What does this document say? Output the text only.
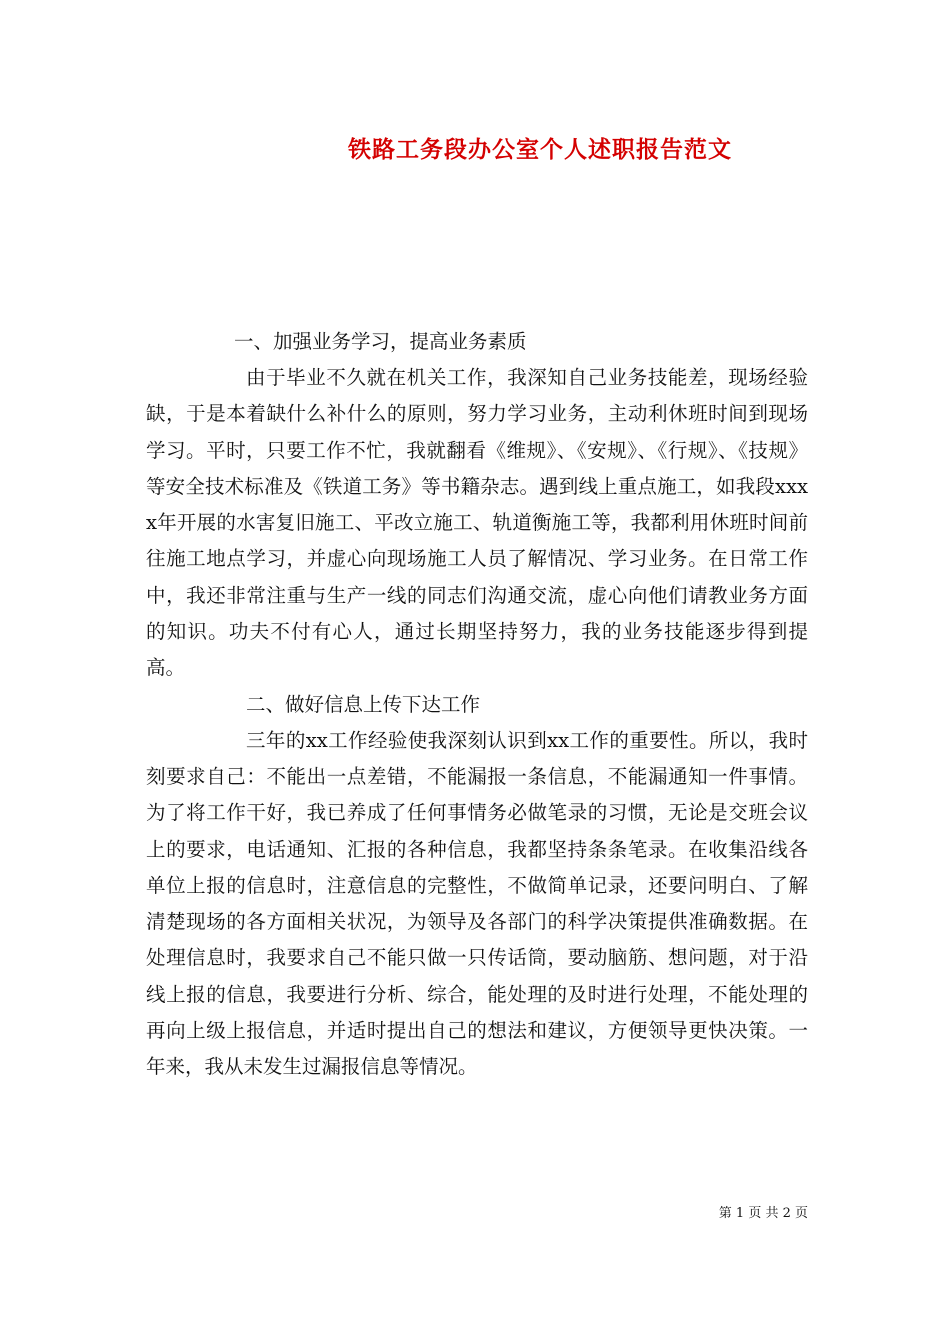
铁路工务段办公室个人述职报告范文
一、加强业务学习，提高业务素质

由于毕业不久就在机关工作，我深知自己业务技能差，现场经验缺，于是本着缺什么补什么的原则，努力学习业务，主动利休班时间到现场学习。平时，只要工作不忙，我就翻看《维规》、《安规》、《行规》、《技规》等安全技术标准及《铁道工务》等书籍杂志。遇到线上重点施工，如我段xxxx年开展的水害复旧施工、平改立施工、轨道衡施工等，我都利用休班时间前往施工地点学习，并虚心向现场施工人员了解情况、学习业务。在日常工作中，我还非常注重与生产一线的同志们沟通交流，虚心向他们请教业务方面的知识。功夫不付有心人，通过长期坚持努力，我的业务技能逐步得到提高。

二、做好信息上传下达工作

三年的xx工作经验使我深刻认识到xx工作的重要性。所以，我时刻要求自己：不能出一点差错，不能漏报一条信息，不能漏通知一件事情。为了将工作干好，我已养成了任何事情务必做笔录的习惯，无论是交班会议上的要求，电话通知、汇报的各种信息，我都坚持条条笔录。在收集沿线各单位上报的信息时，注意信息的完整性，不做简单记录，还要问明白、了解清楚现场的各方面相关状况，为领导及各部门的科学决策提供准确数据。在处理信息时，我要求自己不能只做一只传话筒，要动脑筋、想问题，对于沿线上报的信息，我要进行分析、综合，能处理的及时进行处理，不能处理的再向上级上报信息，并适时提出自己的想法和建议，方便领导更快决策。一年来，我从未发生过漏报信息等情况。

第 1 页 共 2 页
